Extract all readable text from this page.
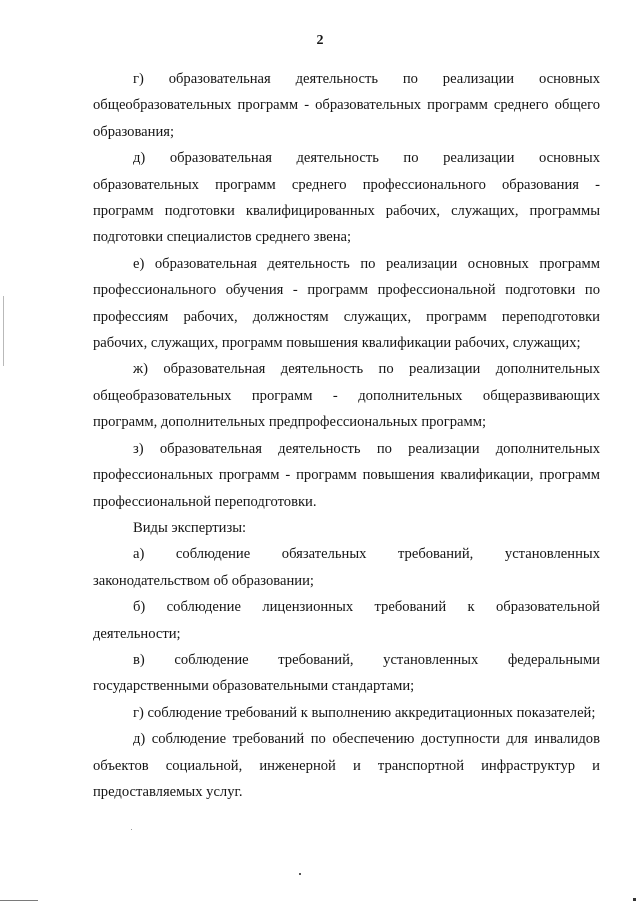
2

г) образовательная деятельность по реализации основных общеобразовательных программ - образовательных программ среднего общего образования;

д) образовательная деятельность по реализации основных образовательных программ среднего профессионального образования - программ подготовки квалифицированных рабочих, служащих, программы подготовки специалистов среднего звена;

е) образовательная деятельность по реализации основных программ профессионального обучения - программ профессиональной подготовки по профессиям рабочих, должностям служащих, программ переподготовки рабочих, служащих, программ повышения квалификации рабочих, служащих;

ж) образовательная деятельность по реализации дополнительных общеобразовательных программ - дополнительных общеразвивающих программ, дополнительных предпрофессиональных программ;

з) образовательная деятельность по реализации дополнительных профессиональных программ - программ повышения квалификации, программ профессиональной переподготовки.

Виды экспертизы:

а) соблюдение обязательных требований, установленных законодательством об образовании;

б) соблюдение лицензионных требований к образовательной деятельности;

в) соблюдение требований, установленных федеральными государственными образовательными стандартами;

г) соблюдение требований к выполнению аккредитационных показателей;

д) соблюдение требований по обеспечению доступности для инвалидов объектов социальной, инженерной и транспортной инфраструктур и предоставляемых услуг.
